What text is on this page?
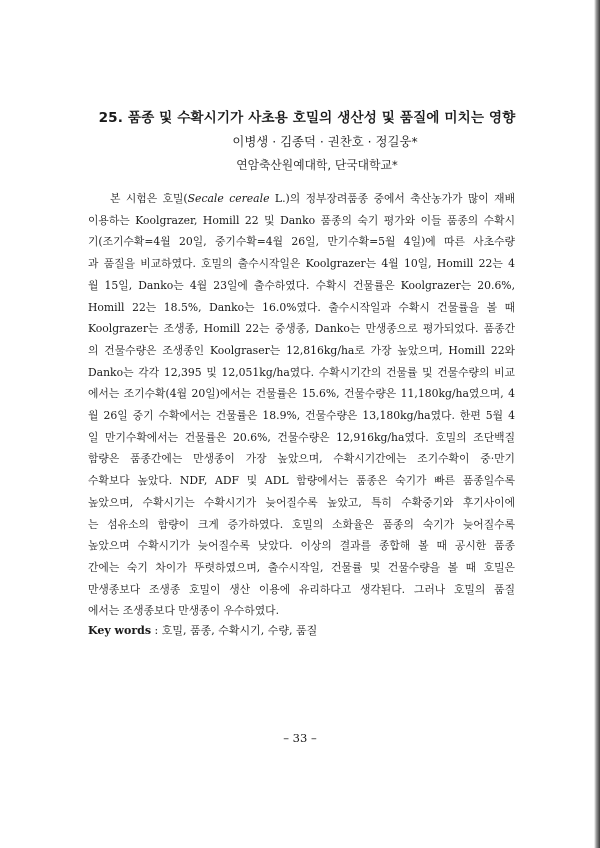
25. 품종 및 수확시기가 사초용 호밀의 생산성 및 품질에 미치는 영향
이병생 · 김종덕 · 권찬호 · 정길웅*
연암축산원예대학, 단국대학교*
본 시험은 호밀(Secale cereale L.)의 정부장려품종 중에서 축산농가가 많이 재배
이용하는 Koolgrazer, Homill 22 및 Danko 품종의 숙기 평가와 이들 품종의 수확시
기(조기수확=4월 20일, 중기수확=4월 26일, 만기수확=5월 4일)에 따른 사초수량
과 품질을 비교하였다. 호밀의 출수시작일은 Koolgrazer는 4월 10일, Homill 22는 4
월 15일, Danko는 4월 23일에 출수하였다. 수확시 건물률은 Koolgrazer는 20.6%,
Homill 22는 18.5%, Danko는 16.0%였다. 출수시작일과 수확시 건물률을 볼 때
Koolgrazer는 조생종, Homill 22는 중생종, Danko는 만생종으로 평가되었다. 품종간
의 건물수량은 조생종인 Koolgraser는 12,816kg/ha로 가장 높았으며, Homill 22와
Danko는 각각 12,395 및 12,051kg/ha였다. 수확시기간의 건물률 및 건물수량의 비교
에서는 조기수확(4월 20일)에서는 건물률은 15.6%, 건물수량은 11,180kg/ha였으며, 4
월 26일 중기 수확에서는 건물률은 18.9%, 건물수량은 13,180kg/ha였다. 한편 5월 4
일 만기수확에서는 건물률은 20.6%, 건물수량은 12,916kg/ha였다. 호밀의 조단백질
함량은 품종간에는 만생종이 가장 높았으며, 수확시기간에는 조기수확이 중·만기
수확보다 높았다. NDF, ADF 및 ADL 함량에서는 품종은 숙기가 빠른 품종일수록
높았으며, 수확시기는 수확시기가 늦어질수록 높았고, 특히 수확중기와 후기사이에
는 섬유소의 함량이 크게 증가하였다. 호밀의 소화율은 품종의 숙기가 늦어질수록
높았으며 수확시기가 늦어질수록 낮았다. 이상의 결과를 종합해 볼 때 공시한 품종
간에는 숙기 차이가 뚜렷하였으며, 출수시작일, 건물률 및 건물수량을 볼 때 호밀은
만생종보다 조생종 호밀이 생산 이용에 유리하다고 생각된다. 그러나 호밀의 품질
에서는 조생종보다 만생종이 우수하였다.
Key words : 호밀, 품종, 수확시기, 수량, 품질
– 33 –
